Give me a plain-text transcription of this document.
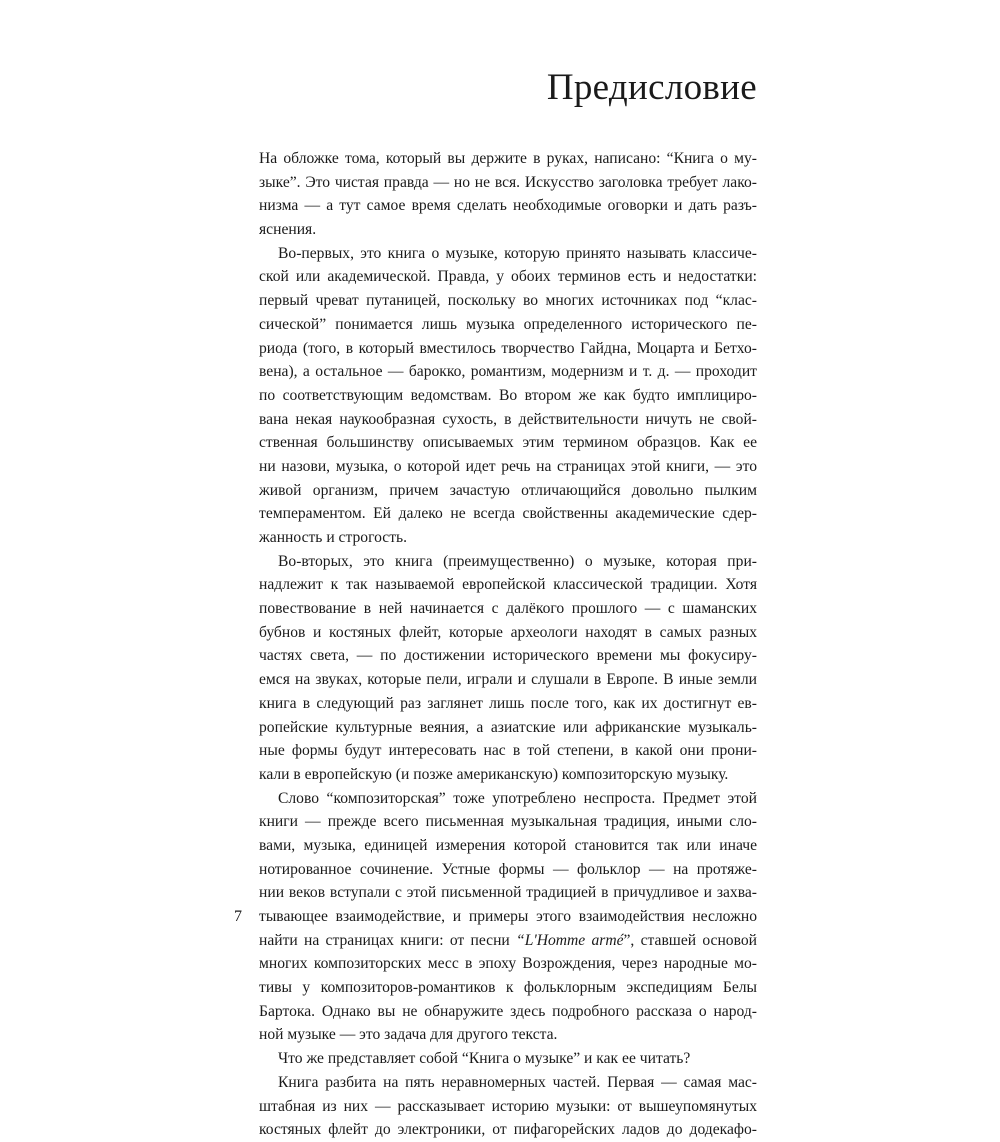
Предисловие
На обложке тома, который вы держите в руках, написано: “Книга о му-
зыке”. Это чистая правда — но не вся. Искусство заголовка требует лако-
низма — а тут самое время сделать необходимые оговорки и дать разъ-
яснения.
Во-первых, это книга о музыке, которую принято называть классиче-
ской или академической. Правда, у обоих терминов есть и недостатки:
первый чреват путаницей, поскольку во многих источниках под “клас-
сической” понимается лишь музыка определенного исторического пе-
риода (того, в который вместилось творчество Гайдна, Моцарта и Бетхо-
вена), а остальное — барокко, романтизм, модернизм и т. д. — проходит
по соответствующим ведомствам. Во втором же как будто имплициро-
вана некая наукообразная сухость, в действительности ничуть не свой-
ственная большинству описываемых этим термином образцов. Как ее
ни назови, музыка, о которой идет речь на страницах этой книги, — это
живой организм, причем зачастую отличающийся довольно пылким
темпераментом. Ей далеко не всегда свойственны академические сдер-
жанность и строгость.
Во-вторых, это книга (преимущественно) о музыке, которая при-
надлежит к так называемой европейской классической традиции. Хотя
повествование в ней начинается с далёкого прошлого — с шаманских
бубнов и костяных флейт, которые археологи находят в самых разных
частях света, — по достижении исторического времени мы фокусиру-
емся на звуках, которые пели, играли и слушали в Европе. В иные земли
книга в следующий раз заглянет лишь после того, как их достигнут ев-
ропейские культурные веяния, а азиатские или африканские музыкаль-
ные формы будут интересовать нас в той степени, в какой они прони-
кали в европейскую (и позже американскую) композиторскую музыку.
Слово “композиторская” тоже употреблено неспроста. Предмет этой
книги — прежде всего письменная музыкальная традиция, иными сло-
вами, музыка, единицей измерения которой становится так или иначе
нотированное сочинение. Устные формы — фольклор — на протяже-
нии веков вступали с этой письменной традицией в причудливое и захва-
тывающее взаимодействие, и примеры этого взаимодействия несложно
найти на страницах книги: от песни “L'Homme armé”, ставшей основой
многих композиторских месс в эпоху Возрождения, через народные мо-
тивы у композиторов-романтиков к фольклорным экспедициям Белы
Бартока. Однако вы не обнаружите здесь подробного рассказа о народ-
ной музыке — это задача для другого текста.
Что же представляет собой “Книга о музыке” и как ее читать?
Книга разбита на пять неравномерных частей. Первая — самая мас-
штабная из них — рассказывает историю музыки: от вышеупомянутых
костяных флейт до электроники, от пифагорейских ладов до додекафо-
7
